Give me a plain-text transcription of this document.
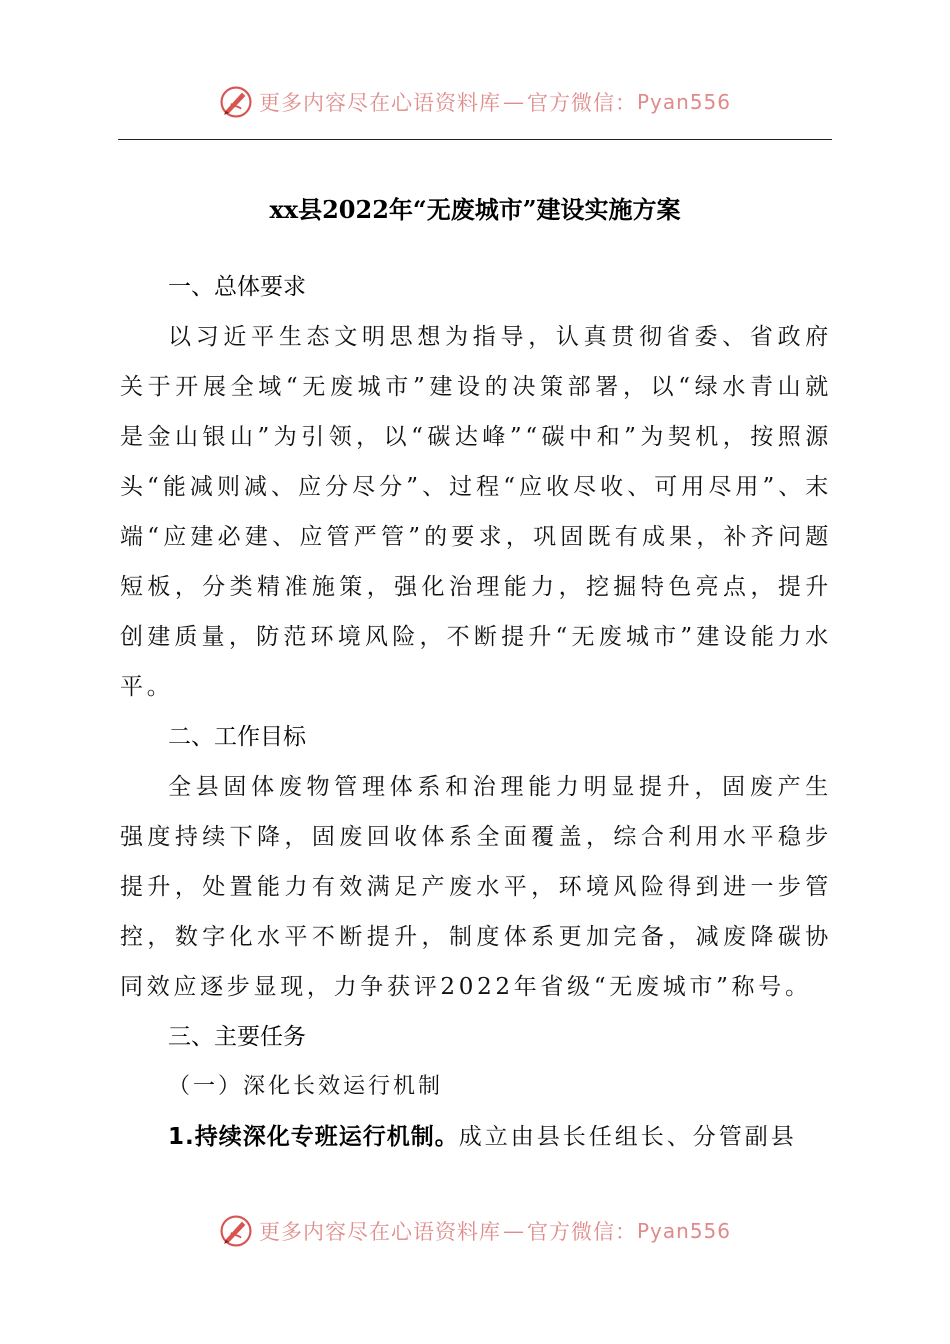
更多内容尽在心语资料库 — 官方微信： Pyan556
xx县2022年“无废城市”建设实施方案
一、总体要求

以习近平生态文明思想为指导，认真贯彻省委、省政府关于开展全域“无废城市”建设的决策部署，以“绿水青山就是金山银山”为引领，以“碳达峰”“碳中和”为契机，按照源头“能减则减、应分尽分”、过程“应收尽收、可用尽用”、末端“应建必建、应管严管”的要求，巩固既有成果，补齐问题短板，分类精准施策，强化治理能力，挖掘特色亮点，提升创建质量，防范环境风险，不断提升“无废城市”建设能力水平。

二、工作目标

全县固体废物管理体系和治理能力明显提升，固废产生强度持续下降，固废回收体系全面覆盖，综合利用水平稳步提升，处置能力有效满足产废水平，环境风险得到进一步管控，数字化水平不断提升，制度体系更加完备，减废降碳协同效应逐步显现，力争获评2022年省级“无废城市”称号。

三、主要任务
（一）深化长效运行机制
1.持续深化专班运行机制。成立由县长任组长、分管副县
更多内容尽在心语资料库 — 官方微信： Pyan556
